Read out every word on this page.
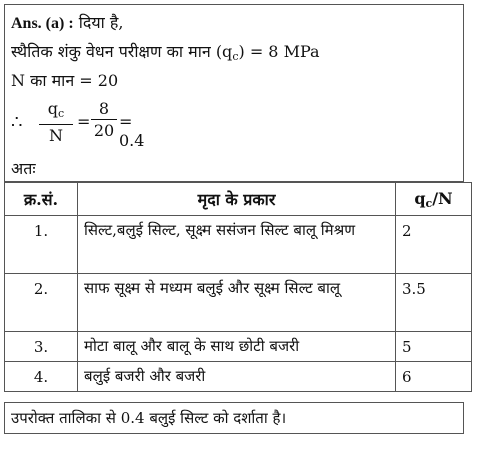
Ans. (a) : दिया है,
स्थैतिक शंकु वेधन परीक्षण का मान $(q_c) = 8$ MPa
N का मान = 20
∴ $\frac{q_c}{N} = \frac{8}{20} = 0.4$
अतः
क्र.सं.	मृदा के प्रकार	$q_c/N$
1.	सिल्ट,बलुई सिल्ट, सूक्ष्म ससंजन सिल्ट बालू मिश्रण	2
2.	साफ सूक्ष्म से मध्यम बलुई और सूक्ष्म सिल्ट बालू	3.5
3.	मोटा बालू और बालू के साथ छोटी बजरी	5
4.	बलुई बजरी और बजरी	6
उपरोक्त तालिका से 0.4 बलुई सिल्ट को दर्शाता है।
